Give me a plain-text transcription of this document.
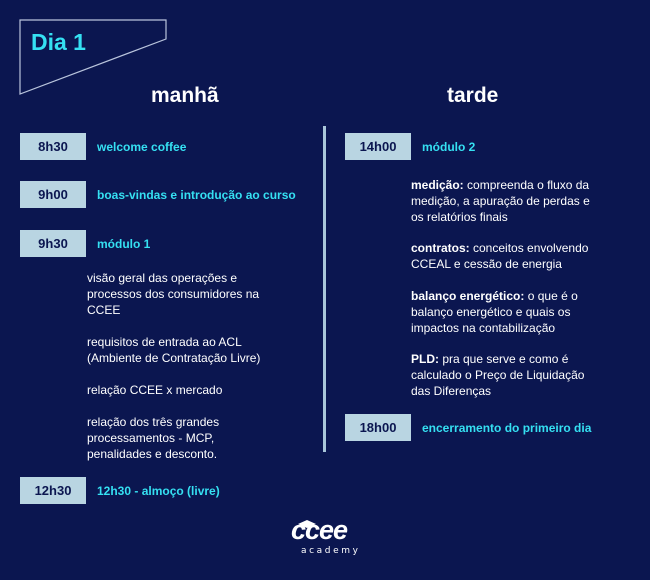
Dia 1
manhã	tarde
8h30	welcome coffee
9h00	boas-vindas e introdução ao curso
9h30	módulo 1
visão geral das operações e
processos dos consumidores na
CCEE
requisitos de entrada ao ACL
(Ambiente de Contratação Livre)
relação CCEE x mercado
relação dos três grandes
processamentos - MCP,
penalidades e desconto.
12h30	12h30 - almoço (livre)
14h00	módulo 2
medição: compreenda o fluxo da
medição, a apuração de perdas e
os relatórios finais
contratos: conceitos envolvendo
CCEAL e cessão de energia
balanço energético: o que é o
balanço energético e quais os
impactos na contabilização
PLD: pra que serve e como é
calculado o Preço de Liquidação
das Diferenças
18h00	encerramento do primeiro dia
ccee
academy
